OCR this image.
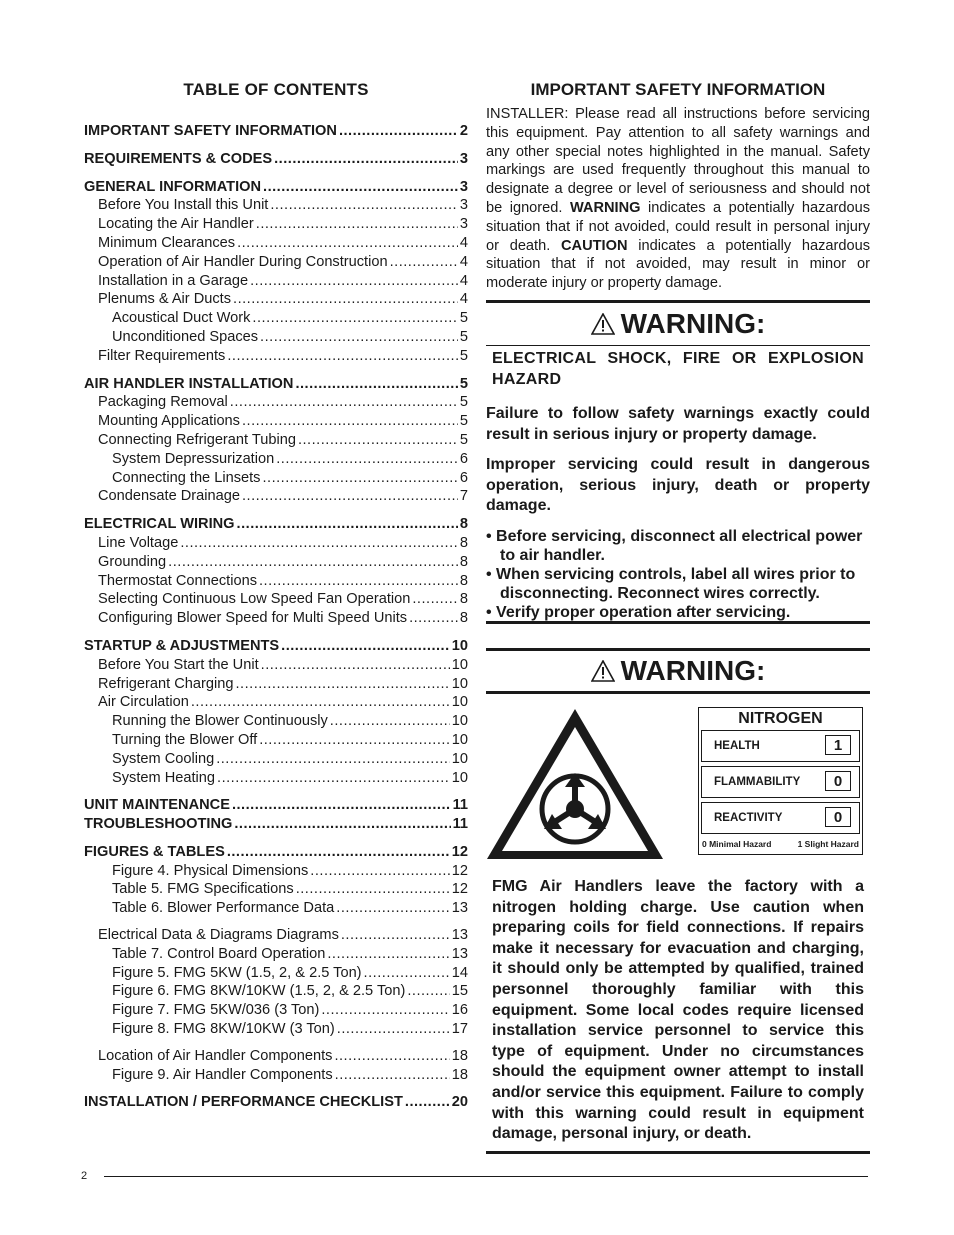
TABLE OF CONTENTS
IMPORTANT SAFETY INFORMATION .....	2
REQUIREMENTS & CODES .....	3
GENERAL INFORMATION .....	3
Before You Install this Unit .....	3
Locating the Air Handler .....	3
Minimum Clearances .....	4
Operation of Air Handler During Construction .....	4
Installation in a Garage .....	4
Plenums & Air Ducts .....	4
Acoustical Duct Work .....	5
Unconditioned Spaces .....	5
Filter Requirements .....	5
AIR HANDLER INSTALLATION .....	5
Packaging Removal .....	5
Mounting Applications .....	5
Connecting Refrigerant Tubing .....	5
System Depressurization .....	6
Connecting the Linsets .....	6
Condensate Drainage .....	7
ELECTRICAL WIRING .....	8
Line Voltage .....	8
Grounding .....	8
Thermostat Connections .....	8
Selecting Continuous Low Speed Fan Operation .....	8
Configuring Blower Speed for Multi Speed Units .....	8
STARTUP & ADJUSTMENTS .....	10
Before You Start the Unit .....	10
Refrigerant Charging .....	10
Air Circulation .....	10
Running the Blower Continuously .....	10
Turning the Blower Off .....	10
System Cooling .....	10
System Heating .....	10
UNIT MAINTENANCE .....	11
TROUBLESHOOTING .....	11
FIGURES & TABLES .....	12
Figure 4. Physical Dimensions .....	12
Table 5. FMG Specifications .....	12
Table 6. Blower Performance Data .....	13
Electrical Data & Diagrams Diagrams .....	13
Table 7. Control Board Operation .....	13
Figure 5. FMG 5KW (1.5, 2, & 2.5 Ton) .....	14
Figure 6. FMG 8KW/10KW (1.5, 2, & 2.5 Ton) .....	15
Figure 7. FMG 5KW/036 (3 Ton) .....	16
Figure 8. FMG 8KW/10KW (3 Ton) .....	17
Location of Air Handler Components .....	18
Figure 9. Air Handler Components .....	18
INSTALLATION / PERFORMANCE CHECKLIST .....	20
IMPORTANT SAFETY INFORMATION

INSTALLER: Please read all instructions before servicing this equipment. Pay attention to all safety warnings and any other special notes highlighted in the manual. Safety markings are used frequently throughout this manual to designate a degree or level of seriousness and should not be ignored. WARNING indicates a potentially hazardous situation that if not avoided, could result in personal injury or death. CAUTION indicates a potentially hazardous situation that if not avoided, may result in minor or moderate injury or property damage.

WARNING:
ELECTRICAL SHOCK, FIRE OR EXPLOSION HAZARD

Failure to follow safety warnings exactly could result in serious injury or property damage.

Improper servicing could result in dangerous operation, serious injury, death or property damage.

• Before servicing, disconnect all electrical power to air handler.
• When servicing controls, label all wires prior to disconnecting. Reconnect wires correctly.
• Verify proper operation after servicing.
WARNING:
NITROGEN
HEALTH	1
FLAMMABILITY	0
REACTIVITY	0
0 Minimal Hazard	1 Slight Hazard

FMG Air Handlers leave the factory with a nitrogen holding charge. Use caution when preparing coils for field connections. If repairs make it necessary for evacuation and charging, it should only be attempted by qualified, trained personnel thoroughly familiar with this equipment. Some local codes require licensed installation service personnel to service this type of equipment. Under no circumstances should the equipment owner attempt to install and/or service this equipment. Failure to comply with this warning could result in equipment damage, personal injury, or death.

2
